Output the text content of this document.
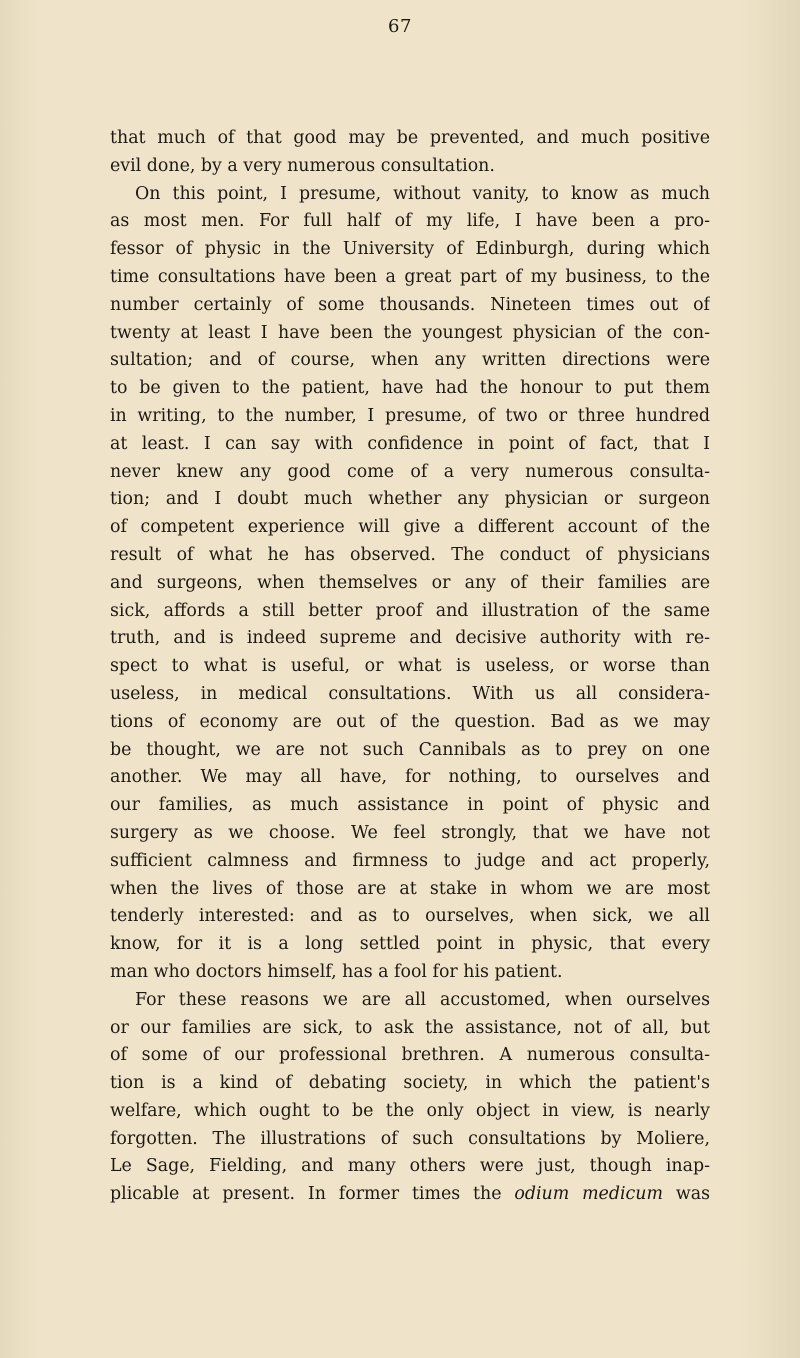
67
that much of that good may be prevented, and much positive
evil done, by a very numerous consultation.
On this point, I presume, without vanity, to know as much
as most men. For full half of my life, I have been a pro-
fessor of physic in the University of Edinburgh, during which
time consultations have been a great part of my business, to the
number certainly of some thousands. Nineteen times out of
twenty at least I have been the youngest physician of the con-
sultation; and of course, when any written directions were
to be given to the patient, have had the honour to put them
in writing, to the number, I presume, of two or three hundred
at least. I can say with confidence in point of fact, that I
never knew any good come of a very numerous consulta-
tion; and I doubt much whether any physician or surgeon
of competent experience will give a different account of the
result of what he has observed. The conduct of physicians
and surgeons, when themselves or any of their families are
sick, affords a still better proof and illustration of the same
truth, and is indeed supreme and decisive authority with re-
spect to what is useful, or what is useless, or worse than
useless, in medical consultations. With us all considera-
tions of economy are out of the question. Bad as we may
be thought, we are not such Cannibals as to prey on one
another. We may all have, for nothing, to ourselves and
our families, as much assistance in point of physic and
surgery as we choose. We feel strongly, that we have not
sufficient calmness and firmness to judge and act properly,
when the lives of those are at stake in whom we are most
tenderly interested: and as to ourselves, when sick, we all
know, for it is a long settled point in physic, that every
man who doctors himself, has a fool for his patient.
For these reasons we are all accustomed, when ourselves
or our families are sick, to ask the assistance, not of all, but
of some of our professional brethren. A numerous consulta-
tion is a kind of debating society, in which the patient's
welfare, which ought to be the only object in view, is nearly
forgotten. The illustrations of such consultations by Moliere,
Le Sage, Fielding, and many others were just, though inap-
plicable at present. In former times the odium medicum was
